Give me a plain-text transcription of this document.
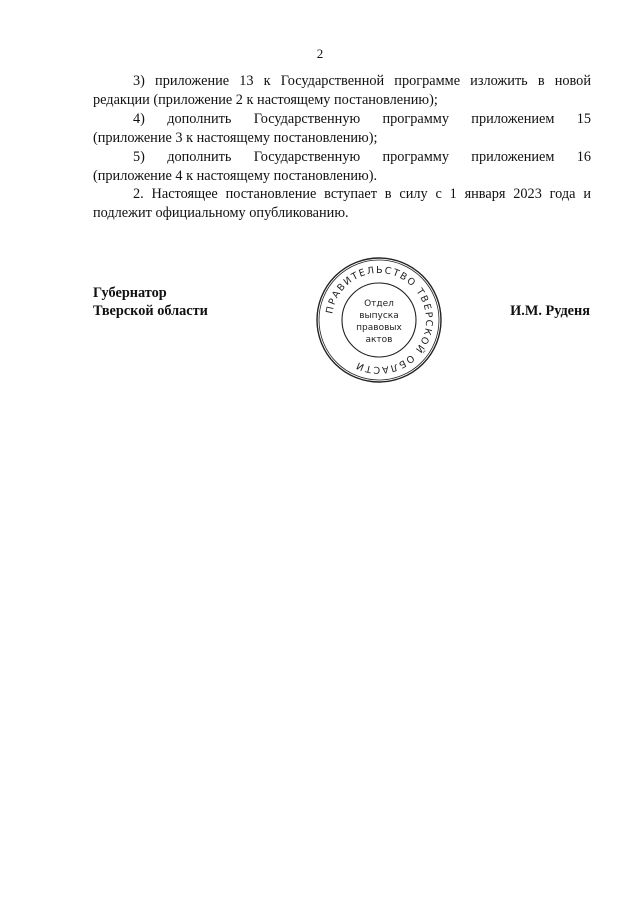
2

3) приложение 13 к Государственной программе изложить в новой редакции (приложение 2 к настоящему постановлению);

4) дополнить Государственную программу приложением 15

(приложение 3 к настоящему постановлению);

5) дополнить Государственную программу приложением 16

(приложение 4 к настоящему постановлению).

2. Настоящее постановление вступает в силу с 1 января 2023 года и подлежит официальному опубликованию.

Губернатор
Тверской области	И.М. Руденя
ПРАВИТЕЛЬСТВО ТВЕРСКОЙ ОБЛАСТИ
Отдел
выпуска
правовых
актов
